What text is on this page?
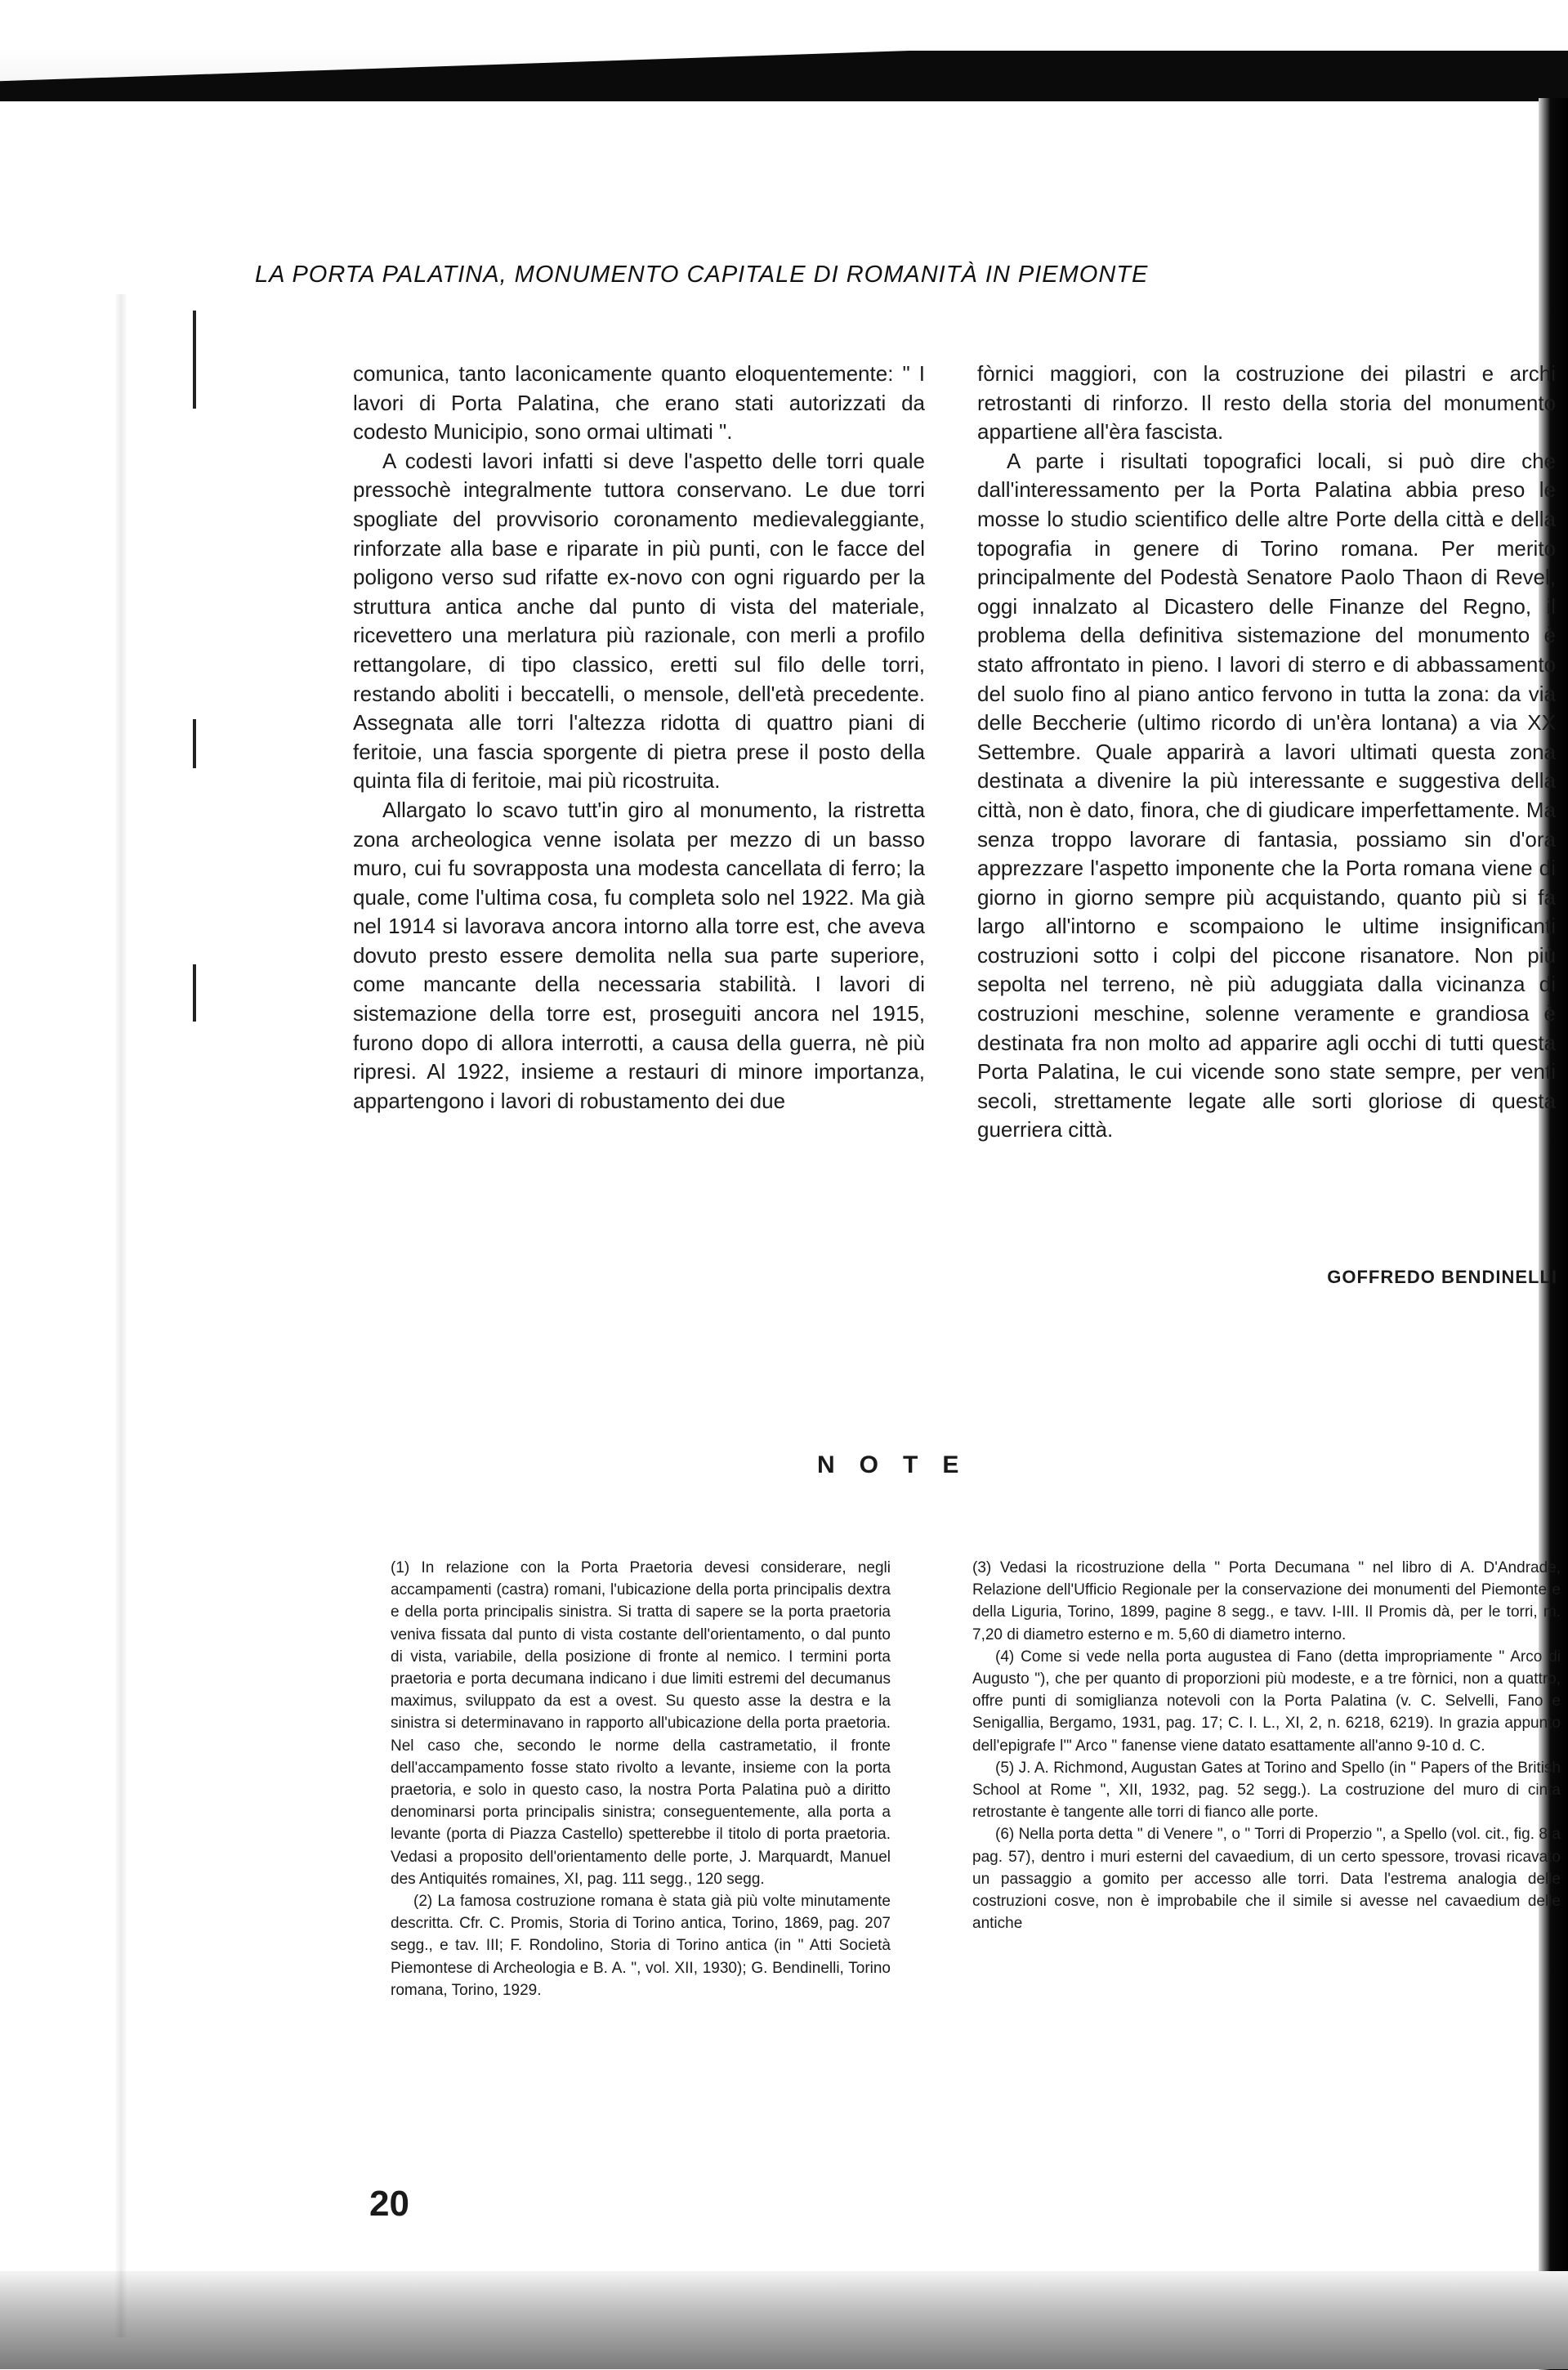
LA PORTA PALATINA, MONUMENTO CAPITALE DI ROMANITÀ IN PIEMONTE

comunica, tanto laconicamente quanto eloquentemente: " I lavori di Porta Palatina, che erano stati autorizzati da codesto Municipio, sono ormai ultimati ".

A codesti lavori infatti si deve l'aspetto delle torri quale pressochè integralmente tuttora conservano. Le due torri spogliate del provvisorio coronamento medievaleggiante, rinforzate alla base e riparate in più punti, con le facce del poligono verso sud rifatte ex-novo con ogni riguardo per la struttura antica anche dal punto di vista del materiale, ricevettero una merlatura più razionale, con merli a profilo rettangolare, di tipo classico, eretti sul filo delle torri, restando aboliti i beccatelli, o mensole, dell'età precedente. Assegnata alle torri l'altezza ridotta di quattro piani di feritoie, una fascia sporgente di pietra prese il posto della quinta fila di feritoie, mai più ricostruita.

Allargato lo scavo tutt'in giro al monumento, la ristretta zona archeologica venne isolata per mezzo di un basso muro, cui fu sovrapposta una modesta cancellata di ferro; la quale, come l'ultima cosa, fu completa solo nel 1922. Ma già nel 1914 si lavorava ancora intorno alla torre est, che aveva dovuto presto essere demolita nella sua parte superiore, come mancante della necessaria stabilità. I lavori di sistemazione della torre est, proseguiti ancora nel 1915, furono dopo di allora interrotti, a causa della guerra, nè più ripresi. Al 1922, insieme a restauri di minore importanza, appartengono i lavori di robustamento dei due

fòrnici maggiori, con la costruzione dei pilastri e archi retrostanti di rinforzo. Il resto della storia del monumento appartiene all'èra fascista.

A parte i risultati topografici locali, si può dire che dall'interessamento per la Porta Palatina abbia preso le mosse lo studio scientifico delle altre Porte della città e della topografia in genere di Torino romana. Per merito principalmente del Podestà Senatore Paolo Thaon di Revel, oggi innalzato al Dicastero delle Finanze del Regno, il problema della definitiva sistemazione del monumento è stato affrontato in pieno. I lavori di sterro e di abbassamento del suolo fino al piano antico fervono in tutta la zona: da via delle Beccherie (ultimo ricordo di un'èra lontana) a via XX Settembre. Quale apparirà a lavori ultimati questa zona destinata a divenire la più interessante e suggestiva della città, non è dato, finora, che di giudicare imperfettamente. Ma senza troppo lavorare di fantasia, possiamo sin d'ora apprezzare l'aspetto imponente che la Porta romana viene di giorno in giorno sempre più acquistando, quanto più si fa largo all'intorno e scompaiono le ultime insignificanti costruzioni sotto i colpi del piccone risanatore. Non più sepolta nel terreno, nè più aduggiata dalla vicinanza di costruzioni meschine, solenne veramente e grandiosa è destinata fra non molto ad apparire agli occhi di tutti questa Porta Palatina, le cui vicende sono state sempre, per venti secoli, strettamente legate alle sorti gloriose di questa guerriera città.

GOFFREDO BENDINELLI
NOTE

(1) In relazione con la Porta Praetoria devesi considerare, negli accampamenti (castra) romani, l'ubicazione della porta principalis dextra e della porta principalis sinistra. Si tratta di sapere se la porta praetoria veniva fissata dal punto di vista costante dell'orientamento, o dal punto di vista, variabile, della posizione di fronte al nemico. I termini porta praetoria e porta decumana indicano i due limiti estremi del decumanus maximus, sviluppato da est a ovest. Su questo asse la destra e la sinistra si determinavano in rapporto all'ubicazione della porta praetoria. Nel caso che, secondo le norme della castrametatio, il fronte dell'accampamento fosse stato rivolto a levante, insieme con la porta praetoria, e solo in questo caso, la nostra Porta Palatina può a diritto denominarsi porta principalis sinistra; conseguentemente, alla porta a levante (porta di Piazza Castello) spetterebbe il titolo di porta praetoria. Vedasi a proposito dell'orientamento delle porte, J. Marquardt, Manuel des Antiquités romaines, XI, pag. 111 segg., 120 segg.

(2) La famosa costruzione romana è stata già più volte minutamente descritta. Cfr. C. Promis, Storia di Torino antica, Torino, 1869, pag. 207 segg., e tav. III; F. Rondolino, Storia di Torino antica (in " Atti Società Piemontese di Archeologia e B. A. ", vol. XII, 1930); G. Bendinelli, Torino romana, Torino, 1929.

(3) Vedasi la ricostruzione della " Porta Decumana " nel libro di A. D'Andrade, Relazione dell'Ufficio Regionale per la conservazione dei monumenti del Piemonte e della Liguria, Torino, 1899, pagine 8 segg., e tavv. I-III. Il Promis dà, per le torri, m. 7,20 di diametro esterno e m. 5,60 di diametro interno.

(4) Come si vede nella porta augustea di Fano (detta impropriamente " Arco di Augusto "), che per quanto di proporzioni più modeste, e a tre fòrnici, non a quattro, offre punti di somiglianza notevoli con la Porta Palatina (v. C. Selvelli, Fano e Senigallia, Bergamo, 1931, pag. 17; C. I. L., XI, 2, n. 6218, 6219). In grazia appunto dell'epigrafe l'" Arco " fanense viene datato esattamente all'anno 9-10 d. C.

(5) J. A. Richmond, Augustan Gates at Torino and Spello (in " Papers of the British School at Rome ", XII, 1932, pag. 52 segg.). La costruzione del muro di cinta retrostante è tangente alle torri di fianco alle porte.

(6) Nella porta detta " di Venere ", o " Torri di Properzio ", a Spello (vol. cit., fig. 8 a pag. 57), dentro i muri esterni del cavaedium, di un certo spessore, trovasi ricavato un passaggio a gomito per accesso alle torri. Data l'estrema analogia delle costruzioni cosve, non è improbabile che il simile si avesse nel cavaedium delle antiche

20
